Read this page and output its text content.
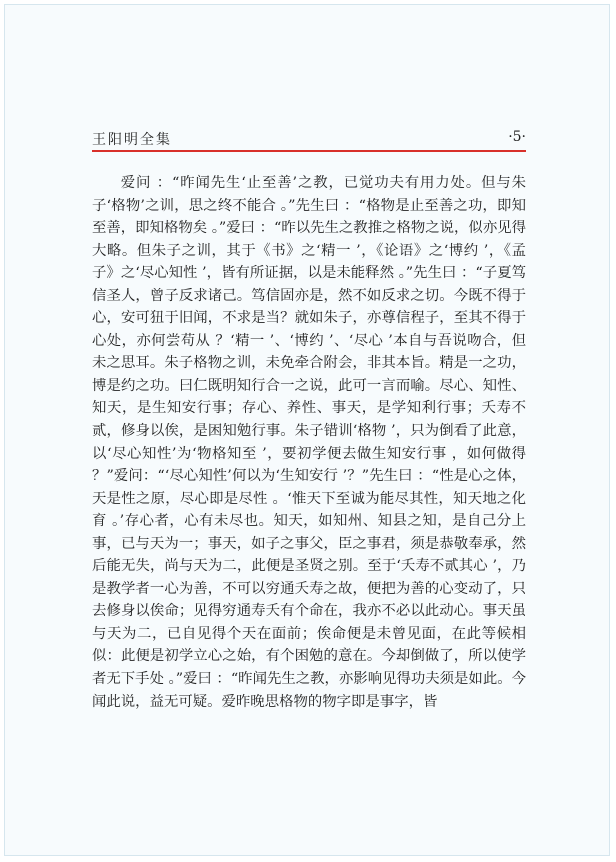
王阳明全集	·5·

爱问 ：“昨闻先生‘止至善’之教，已觉功夫有用力处。但与朱子‘格物’之训，思之终不能合 。”先生曰 ：“格物是止至善之功，即知至善，即知格物矣 。”爱曰 ：“昨以先生之教推之格物之说，似亦见得大略。但朱子之训，其于《书》之‘精一 ’，《论语》之‘博约 ’，《孟子》之‘尽心知性 ’，皆有所证据，以是未能释然 。”先生曰 ：“子夏笃信圣人，曾子反求诸己。笃信固亦是，然不如反求之切。今既不得于心，安可狃于旧闻，不求是当？就如朱子，亦尊信程子，至其不得于心处，亦何尝苟从 ？‘精一 ’、‘博约 ’、‘尽心 ’本自与吾说吻合，但未之思耳。朱子格物之训，未免牵合附会，非其本旨。精是一之功，博是约之功。曰仁既明知行合一之说，此可一言而喻。尽心、知性、知天，是生知安行事；存心、养性、事天，是学知利行事；夭寿不贰，修身以俟，是困知勉行事。朱子错训‘格物 ’，只为倒看了此意，以‘尽心知性’为‘物格知至 ’，要初学便去做生知安行事 ，如何做得 ？”爱问：“‘尽心知性’何以为‘生知安行 ’？”先生曰 ：“性是心之体，天是性之原，尽心即是尽性 。‘惟天下至诚为能尽其性，知天地之化育 。’存心者，心有未尽也。知天，如知州、知县之知，是自己分上事，已与天为一；事天，如子之事父，臣之事君，须是恭敬奉承，然后能无失，尚与天为二，此便是圣贤之别。至于‘夭寿不贰其心 ’，乃是教学者一心为善，不可以穷通夭寿之故，便把为善的心变动了，只去修身以俟命；见得穷通寿夭有个命在，我亦不必以此动心。事天虽与天为二，已自见得个天在面前；俟命便是未曾见面，在此等候相似：此便是初学立心之始，有个困勉的意在。今却倒做了，所以使学者无下手处 。”爱曰 ：“昨闻先生之教，亦影响见得功夫须是如此。今闻此说，益无可疑。爱昨晚思格物的物字即是事字，皆
